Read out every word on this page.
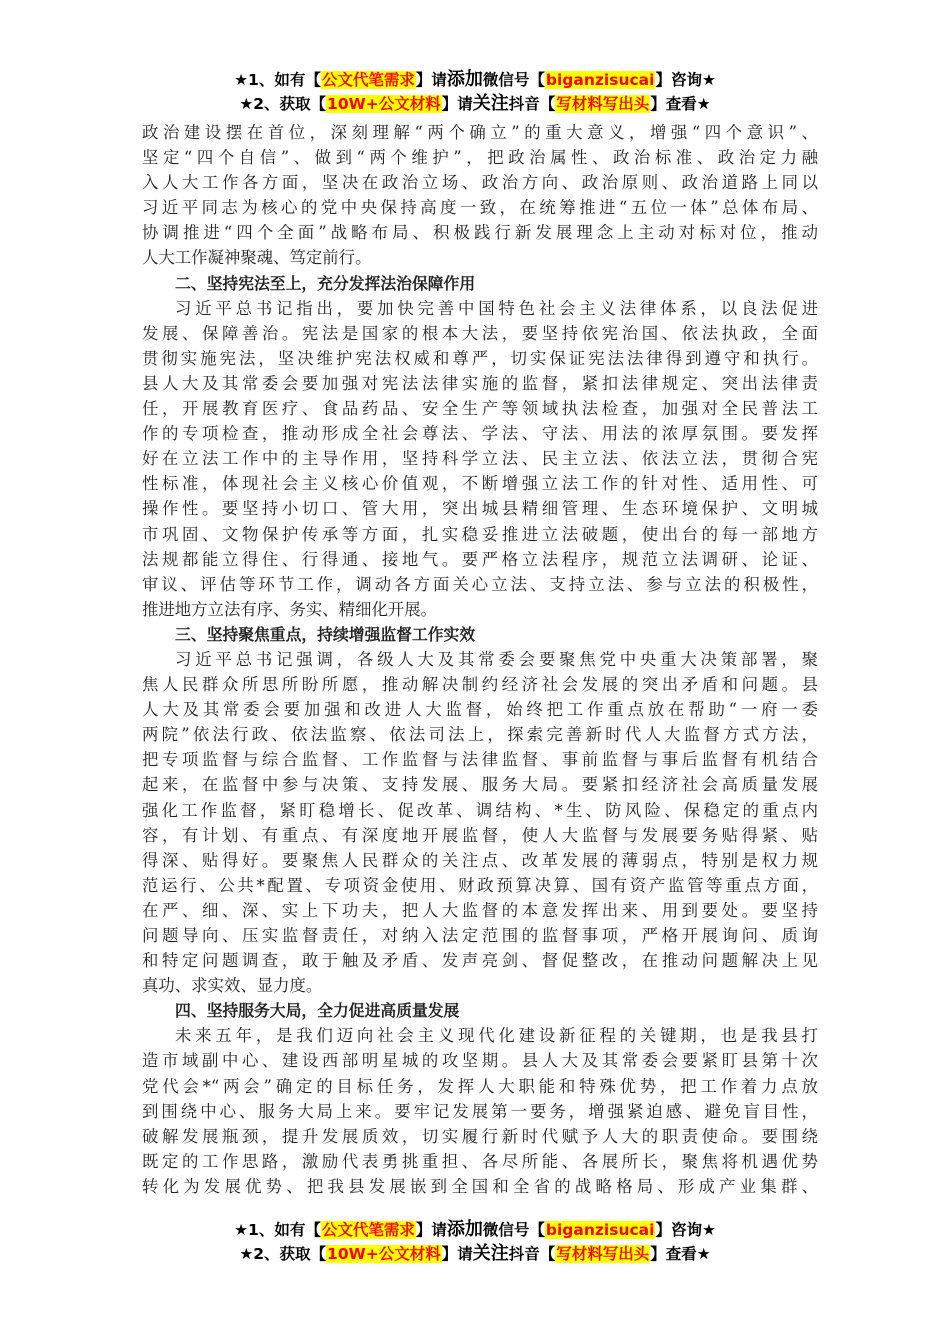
★1、如有【公文代笔需求】请添加微信号【biganzisucai】咨询★
★2、获取【10W+公文材料】请关注抖音【写材料写出头】查看★
政治建设摆在首位，深刻理解“两个确立”的重大意义，增强“四个意识”、
坚定“四个自信”、做到“两个维护”，把政治属性、政治标准、政治定力融
入人大工作各方面，坚决在政治立场、政治方向、政治原则、政治道路上同以
习近平同志为核心的党中央保持高度一致，在统筹推进“五位一体”总体布局、
协调推进“四个全面”战略布局、积极践行新发展理念上主动对标对位，推动
人大工作凝神聚魂、笃定前行。
二、坚持宪法至上，充分发挥法治保障作用
习近平总书记指出，要加快完善中国特色社会主义法律体系，以良法促进
发展、保障善治。宪法是国家的根本大法，要坚持依宪治国、依法执政，全面
贯彻实施宪法，坚决维护宪法权威和尊严，切实保证宪法法律得到遵守和执行。
县人大及其常委会要加强对宪法法律实施的监督，紧扣法律规定、突出法律责
任，开展教育医疗、食品药品、安全生产等领域执法检查，加强对全民普法工
作的专项检查，推动形成全社会尊法、学法、守法、用法的浓厚氛围。要发挥
好在立法工作中的主导作用，坚持科学立法、民主立法、依法立法，贯彻合宪
性标准，体现社会主义核心价值观，不断增强立法工作的针对性、适用性、可
操作性。要坚持小切口、管大用，突出城县精细管理、生态环境保护、文明城
市巩固、文物保护传承等方面，扎实稳妥推进立法破题，使出台的每一部地方
法规都能立得住、行得通、接地气。要严格立法程序，规范立法调研、论证、
审议、评估等环节工作，调动各方面关心立法、支持立法、参与立法的积极性，
推进地方立法有序、务实、精细化开展。
三、坚持聚焦重点，持续增强监督工作实效
习近平总书记强调，各级人大及其常委会要聚焦党中央重大决策部署，聚
焦人民群众所思所盼所愿，推动解决制约经济社会发展的突出矛盾和问题。县
人大及其常委会要加强和改进人大监督，始终把工作重点放在帮助“一府一委
两院”依法行政、依法监察、依法司法上，探索完善新时代人大监督方式方法，
把专项监督与综合监督、工作监督与法律监督、事前监督与事后监督有机结合
起来，在监督中参与决策、支持发展、服务大局。要紧扣经济社会高质量发展
强化工作监督，紧盯稳增长、促改革、调结构、*生、防风险、保稳定的重点内
容，有计划、有重点、有深度地开展监督，使人大监督与发展要务贴得紧、贴
得深、贴得好。要聚焦人民群众的关注点、改革发展的薄弱点，特别是权力规
范运行、公共*配置、专项资金使用、财政预算决算、国有资产监管等重点方面，
在严、细、深、实上下功夫，把人大监督的本意发挥出来、用到要处。要坚持
问题导向、压实监督责任，对纳入法定范围的监督事项，严格开展询问、质询
和特定问题调查，敢于触及矛盾、发声亮剑、督促整改，在推动问题解决上见
真功、求实效、显力度。
四、坚持服务大局，全力促进高质量发展
未来五年，是我们迈向社会主义现代化建设新征程的关键期，也是我县打
造市域副中心、建设西部明星城的攻坚期。县人大及其常委会要紧盯县第十次
党代会*“两会”确定的目标任务，发挥人大职能和特殊优势，把工作着力点放
到围绕中心、服务大局上来。要牢记发展第一要务，增强紧迫感、避免盲目性，
破解发展瓶颈，提升发展质效，切实履行新时代赋予人大的职责使命。要围绕
既定的工作思路，激励代表勇挑重担、各尽所能、各展所长，聚焦将机遇优势
转化为发展优势、把我县发展嵌到全国和全省的战略格局、形成产业集群、
★1、如有【公文代笔需求】请添加微信号【biganzisucai】咨询★
★2、获取【10W+公文材料】请关注抖音【写材料写出头】查看★
